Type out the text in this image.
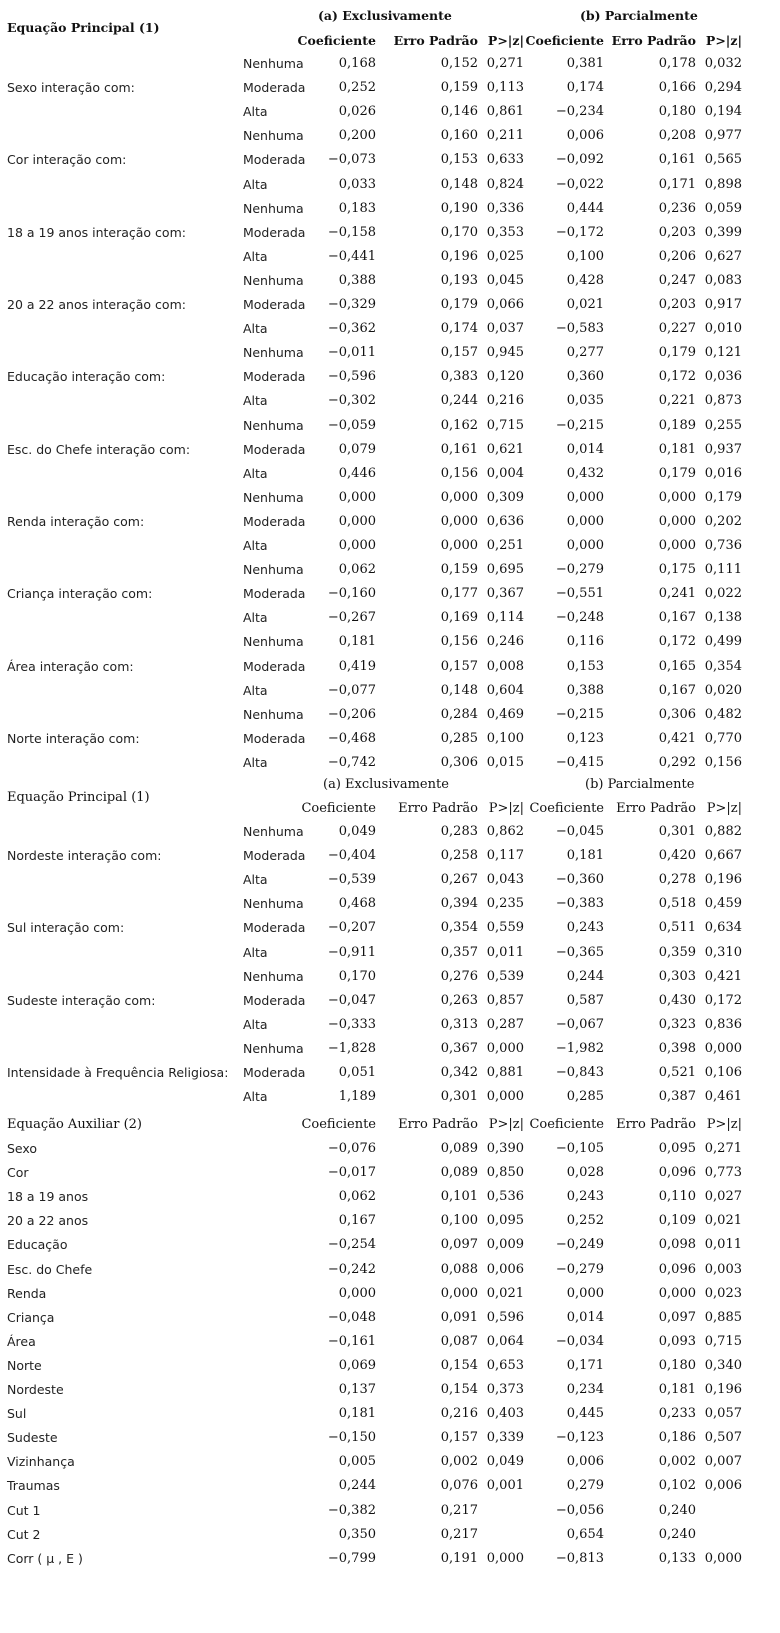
(a) Exclusivamente	(b) Parcialmente
Equação Principal (1)
Coeficiente Erro Padrão P>|z| Coeficiente Erro Padrão P>|z|
Nenhuma	0,168	0,152 0,271	0,381	0,178 0,032
Sexo interação com:	Moderada	0,252	0,159 0,113	0,174	0,166 0,294
Alta	0,026	0,146 0,861 −0,234	0,180 0,194
Nenhuma	0,200	0,160 0,211	0,006	0,208 0,977
Cor interação com:	Moderada −0,073	0,153 0,633 −0,092	0,161 0,565
Alta	0,033	0,148 0,824 −0,022	0,171 0,898
Nenhuma	0,183	0,190 0,336	0,444	0,236 0,059
18 a 19 anos interação com:	Moderada −0,158	0,170 0,353 −0,172	0,203 0,399
Alta	−0,441	0,196 0,025	0,100	0,206 0,627
Nenhuma	0,388	0,193 0,045	0,428	0,247 0,083
20 a 22 anos interação com:	Moderada −0,329	0,179 0,066	0,021	0,203 0,917
Alta	−0,362	0,174 0,037 −0,583	0,227 0,010
Nenhuma −0,011	0,157 0,945	0,277	0,179 0,121
Educação interação com:	Moderada −0,596	0,383 0,120	0,360	0,172 0,036
Alta	−0,302	0,244 0,216	0,035	0,221 0,873
Nenhuma −0,059	0,162 0,715 −0,215	0,189 0,255
Esc. do Chefe interação com:	Moderada	0,079	0,161 0,621	0,014	0,181 0,937
Alta	0,446	0,156 0,004	0,432	0,179 0,016
Nenhuma	0,000	0,000 0,309	0,000	0,000 0,179
Renda interação com:	Moderada	0,000	0,000 0,636	0,000	0,000 0,202
Alta	0,000	0,000 0,251	0,000	0,000 0,736
Nenhuma	0,062	0,159 0,695 −0,279	0,175 0,111
Criança interação com:	Moderada −0,160	0,177 0,367 −0,551	0,241 0,022
Alta	−0,267	0,169 0,114 −0,248	0,167 0,138
Nenhuma	0,181	0,156 0,246	0,116	0,172 0,499
Área interação com:	Moderada	0,419	0,157 0,008	0,153	0,165 0,354
Alta	−0,077	0,148 0,604	0,388	0,167 0,020
Nenhuma −0,206	0,284 0,469 −0,215	0,306 0,482
Norte interação com:	Moderada −0,468	0,285 0,100	0,123	0,421 0,770
Alta	−0,742	0,306 0,015 −0,415	0,292 0,156
(a) Exclusivamente	(b) Parcialmente
Equação Principal (1)
Coeficiente Erro Padrão P>|z| Coeficiente Erro Padrão P>|z|
Nenhuma	0,049	0,283 0,862 −0,045	0,301 0,882
Nordeste interação com:	Moderada −0,404	0,258 0,117	0,181	0,420 0,667
Alta	−0,539	0,267 0,043 −0,360	0,278 0,196
Nenhuma	0,468	0,394 0,235 −0,383	0,518 0,459
Sul interação com:	Moderada −0,207	0,354 0,559	0,243	0,511 0,634
Alta	−0,911	0,357 0,011 −0,365	0,359 0,310
Nenhuma	0,170	0,276 0,539	0,244	0,303 0,421
Sudeste interação com:	Moderada −0,047	0,263 0,857	0,587	0,430 0,172
Alta	−0,333	0,313 0,287 −0,067	0,323 0,836
Nenhuma −1,828	0,367 0,000 −1,982	0,398 0,000
Intensidade à Frequência Religiosa: Moderada	0,051	0,342 0,881 −0,843	0,521 0,106
Alta	1,189	0,301 0,000	0,285	0,387 0,461
Equação Auxiliar (2)	Coeficiente Erro Padrão P>|z| Coeficiente Erro Padrão P>|z|
Sexo	−0,076	0,089 0,390 −0,105	0,095 0,271
Cor	−0,017	0,089 0,850	0,028	0,096 0,773
18 a 19 anos	0,062	0,101 0,536	0,243	0,110 0,027
20 a 22 anos	0,167	0,100 0,095	0,252	0,109 0,021
Educação	−0,254	0,097 0,009 −0,249	0,098 0,011
Esc. do Chefe	−0,242	0,088 0,006 −0,279	0,096 0,003
Renda	0,000	0,000 0,021	0,000	0,000 0,023
Criança	−0,048	0,091 0,596	0,014	0,097 0,885
Área	−0,161	0,087 0,064 −0,034	0,093 0,715
Norte	0,069	0,154 0,653	0,171	0,180 0,340
Nordeste	0,137	0,154 0,373	0,234	0,181 0,196
Sul	0,181	0,216 0,403	0,445	0,233 0,057
Sudeste	−0,150	0,157 0,339 −0,123	0,186 0,507
Vizinhança	0,005	0,002 0,049	0,006	0,002 0,007
Traumas	0,244	0,076 0,001	0,279	0,102 0,006
Cut 1	−0,382	0,217	−0,056	0,240
Cut 2	0,350	0,217	0,654	0,240
Corr ( μ , E )	−0,799	0,191 0,000 −0,813	0,133 0,000
